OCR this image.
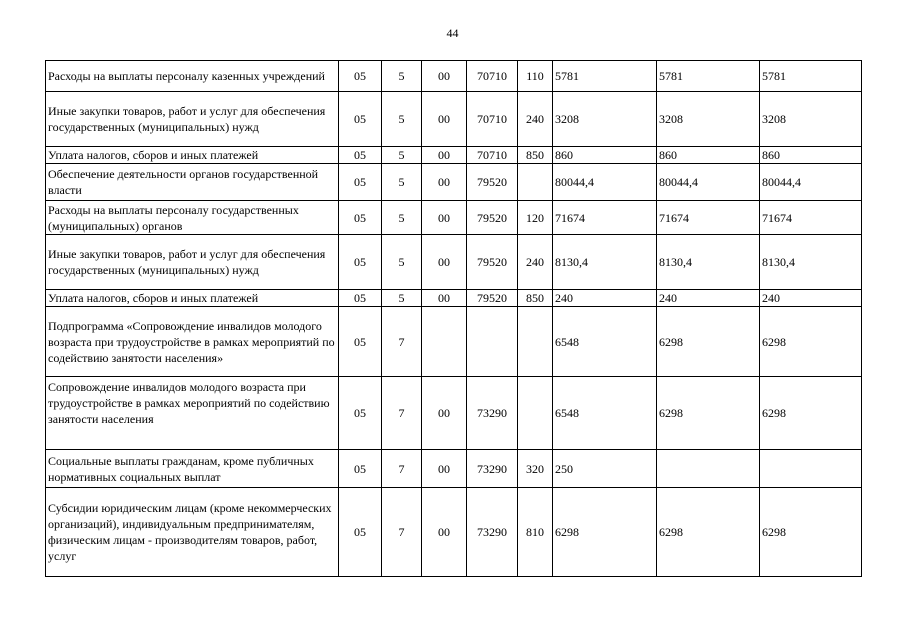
44
Расходы на выплаты персоналу казенных учреждений	05	5	00	70710	110	5781	5781	5781
Иные закупки товаров, работ и услуг для обеспечения государственных (муниципальных) нужд	05	5	00	70710	240	3208	3208	3208
Уплата налогов, сборов и иных платежей	05	5	00	70710	850	860	860	860
Обеспечение деятельности органов государственной власти	05	5	00	79520		80044,4	80044,4	80044,4
Расходы на выплаты персоналу государственных (муниципальных) органов	05	5	00	79520	120	71674	71674	71674
Иные закупки товаров, работ и услуг для обеспечения государственных (муниципальных) нужд	05	5	00	79520	240	8130,4	8130,4	8130,4
Уплата налогов, сборов и иных платежей	05	5	00	79520	850	240	240	240
Подпрограмма «Сопровождение инвалидов молодого возраста при трудоустройстве в рамках мероприятий по содействию занятости населения»	05	7				6548	6298	6298
Сопровождение инвалидов молодого возраста при трудоустройстве в рамках мероприятий по содействию занятости населения	05	7	00	73290		6548	6298	6298
Социальные выплаты гражданам, кроме публичных нормативных социальных выплат	05	7	00	73290	320	250		
Субсидии юридическим лицам (кроме некоммерческих организаций), индивидуальным предпринимателям, физическим лицам - производителям товаров, работ, услуг	05	7	00	73290	810	6298	6298	6298
